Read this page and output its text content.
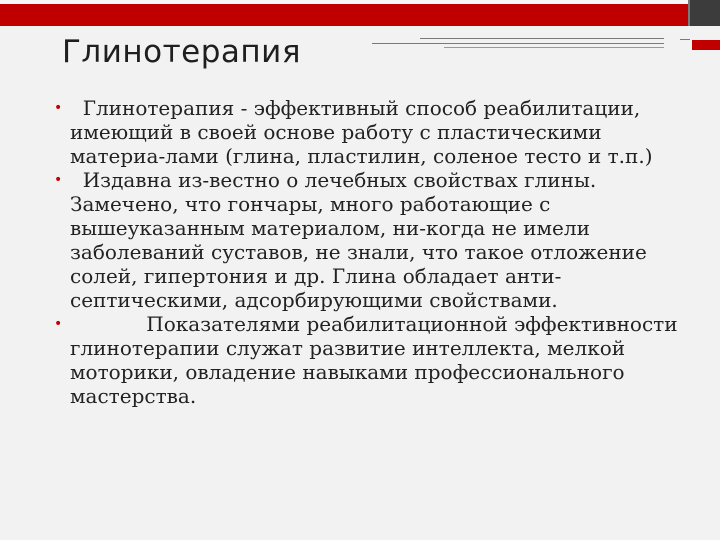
Глинотерапия
• Глинотерапия - эффективный способ реабилитации, имеющий в своей основе работу с пластическими материа-лами (глина, пластилин, соленое тесто и т.п.)
• Издавна из-вестно о лечебных свойствах глины. Замечено, что гончары, много работающие с вышеуказанным материалом, ни-когда не имели заболеваний суставов, не знали, что такое отложение солей, гипертония и др. Глина обладает анти-септическими, адсорбирующими свойствами.
• Показателями реабилитационной эффективности глинотерапии служат развитие интеллекта, мелкой моторики, овладение навыками профессионального мастерства.
